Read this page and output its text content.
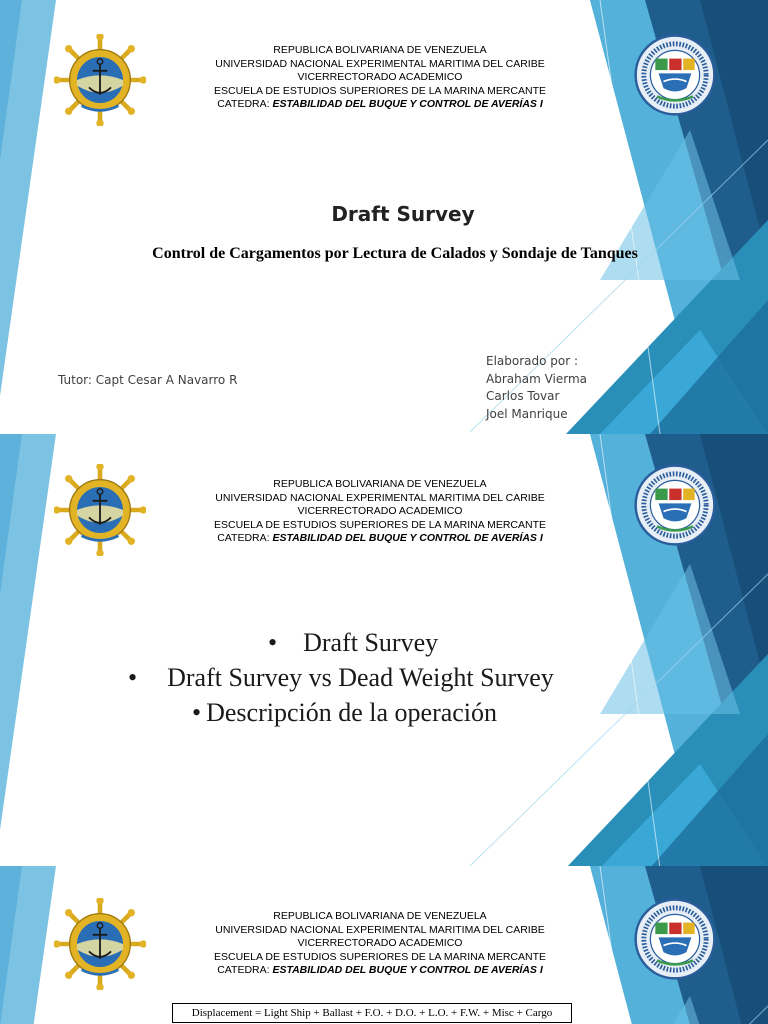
REPUBLICA BOLIVARIANA DE VENEZUELA
UNIVERSIDAD NACIONAL EXPERIMENTAL MARITIMA DEL CARIBE
VICERRECTORADO ACADEMICO
ESCUELA DE ESTUDIOS SUPERIORES DE LA MARINA MERCANTE
CATEDRA: ESTABILIDAD DEL BUQUE Y CONTROL DE AVERÍAS I
Draft Survey
Control de Cargamentos por Lectura de Calados y Sondaje de Tanques
Tutor: Capt Cesar A Navarro R
Elaborado por :
Abraham Vierma
Carlos Tovar
Joel Manrique
REPUBLICA BOLIVARIANA DE VENEZUELA
UNIVERSIDAD NACIONAL EXPERIMENTAL MARITIMA DEL CARIBE
VICERRECTORADO ACADEMICO
ESCUELA DE ESTUDIOS SUPERIORES DE LA MARINA MERCANTE
CATEDRA: ESTABILIDAD DEL BUQUE Y CONTROL DE AVERÍAS I
• Draft Survey
• Draft Survey vs Dead Weight Survey
• Descripción de la operación
REPUBLICA BOLIVARIANA DE VENEZUELA
UNIVERSIDAD NACIONAL EXPERIMENTAL MARITIMA DEL CARIBE
VICERRECTORADO ACADEMICO
ESCUELA DE ESTUDIOS SUPERIORES DE LA MARINA MERCANTE
CATEDRA: ESTABILIDAD DEL BUQUE Y CONTROL DE AVERÍAS I
Displacement = Light Ship + Ballast + F.O. + D.O. + L.O. + F.W. + Misc + Cargo
